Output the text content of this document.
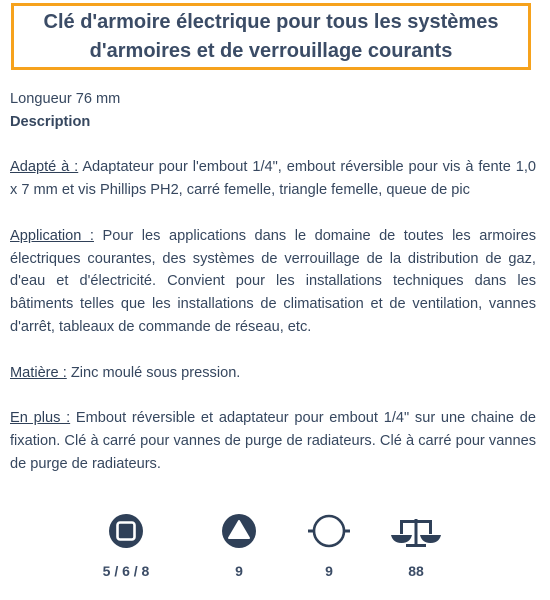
Clé d'armoire électrique pour tous les systèmes d'armoires et de verrouillage courants

Longueur 76 mm

Description

Adapté à : Adaptateur pour l'embout 1/4", embout réversible pour vis à fente 1,0 x 7 mm et vis Phillips PH2, carré femelle, triangle femelle, queue de pic

Application : Pour les applications dans le domaine de toutes les armoires électriques courantes, des systèmes de verrouillage de la distribution de gaz, d'eau et d'électricité. Convient pour les installations techniques dans les bâtiments telles que les installations de climatisation et de ventilation, vannes d'arrêt, tableaux de commande de réseau, etc.

Matière : Zinc moulé sous pression.

En plus : Embout réversible et adaptateur pour embout 1/4" sur une chaine de fixation. Clé à carré pour vannes de purge de radiateurs. Clé à carré pour vannes de purge de radiateurs.

5 / 6 / 8	9	9	88
